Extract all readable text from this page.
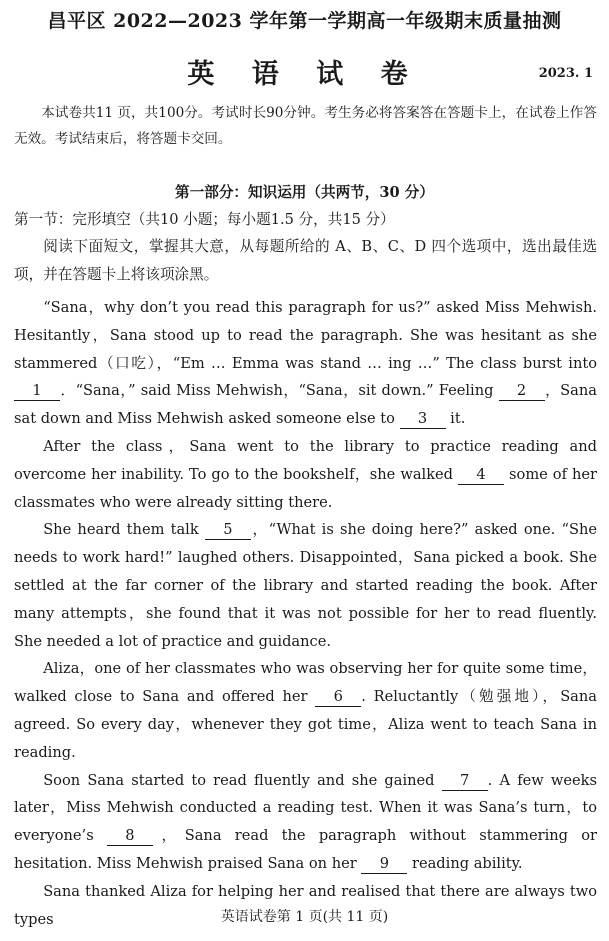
昌平区 2022—2023 学年第一学期高一年级期末质量抽测
英 语 试 卷	2023. 1

本试卷共11 页，共100分。考试时长90分钟。考生务必将答案答在答题卡上，在试卷上作答无效。考试结束后，将答题卡交回。

第一部分：知识运用（共两节，30 分）
第一节：完形填空（共10 小题；每小题1.5 分，共15 分）

阅读下面短文，掌握其大意，从每题所给的 A、B、C、D 四个选项中，选出最佳选项，并在答题卡上将该项涂黑。

“Sana，why don’t you read this paragraph for us?” asked Miss Mehwish. Hesitantly，Sana stood up to read the paragraph. She was hesitant as she stammered（口吃），“Em … Emma was stand … ing …” The class burst into 1 ．“Sana，” said Miss Mehwish，“Sana，sit down.” Feeling 2 ，Sana sat down and Miss Mehwish asked someone else to 3 it.

After the class，Sana went to the library to practice reading and overcome her inability. To go to the bookshelf，she walked 4 some of her classmates who were already sitting there.

She heard them talk 5 ，“What is she doing here?” asked one. “She needs to work hard!” laughed others. Disappointed，Sana picked a book. She settled at the far corner of the library and started reading the book. After many attempts，she found that it was not possible for her to read fluently. She needed a lot of practice and guidance.

Aliza，one of her classmates who was observing her for quite some time，walked close to Sana and offered her 6 . Reluctantly（勉强地），Sana agreed. So every day，whenever they got time，Aliza went to teach Sana in reading.

Soon Sana started to read fluently and she gained 7 . A few weeks later，Miss Mehwish conducted a reading test. When it was Sana’s turn，to everyone’s 8 ，Sana read the paragraph without stammering or hesitation. Miss Mehwish praised Sana on her 9 reading ability.

Sana thanked Aliza for helping her and realised that there are always two types	英语试卷第 1 页(共 11 页)
